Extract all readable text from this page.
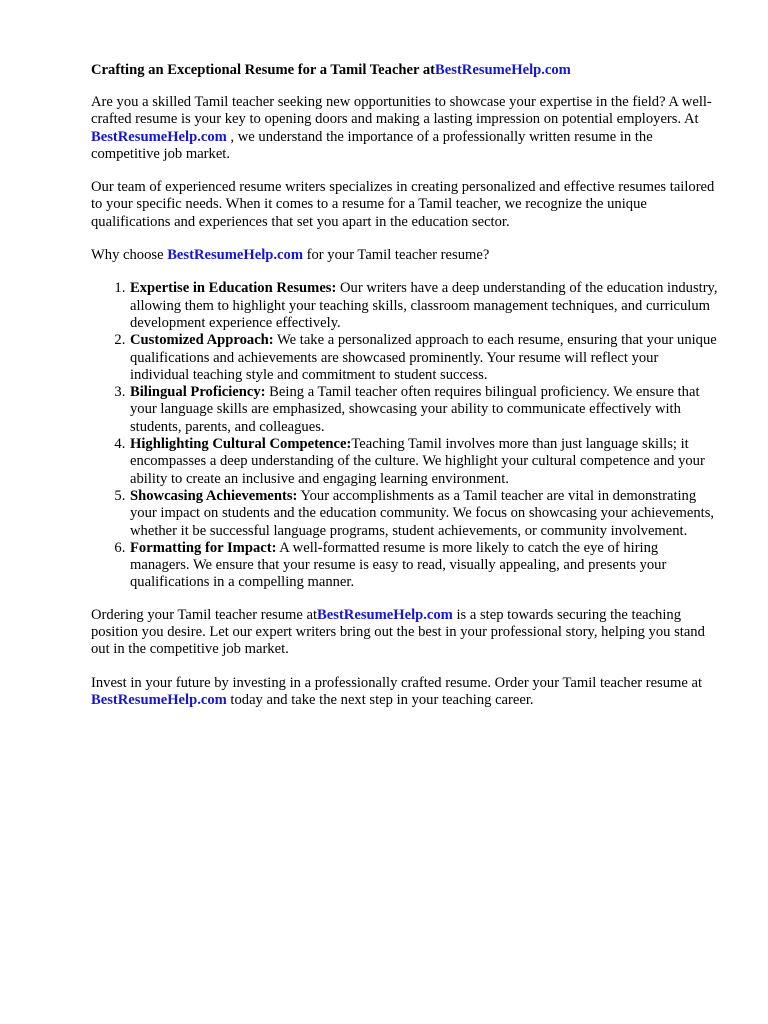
Crafting an Exceptional Resume for a Tamil Teacher atBestResumeHelp.com

Are you a skilled Tamil teacher seeking new opportunities to showcase your expertise in the field? A well-crafted resume is your key to opening doors and making a lasting impression on potential employers. At BestResumeHelp.com , we understand the importance of a professionally written resume in the competitive job market.

Our team of experienced resume writers specializes in creating personalized and effective resumes tailored to your specific needs. When it comes to a resume for a Tamil teacher, we recognize the unique qualifications and experiences that set you apart in the education sector.

Why choose BestResumeHelp.com for your Tamil teacher resume?

1. Expertise in Education Resumes: Our writers have a deep understanding of the education industry, allowing them to highlight your teaching skills, classroom management techniques, and curriculum development experience effectively.
2. Customized Approach: We take a personalized approach to each resume, ensuring that your unique qualifications and achievements are showcased prominently. Your resume will reflect your individual teaching style and commitment to student success.
3. Bilingual Proficiency: Being a Tamil teacher often requires bilingual proficiency. We ensure that your language skills are emphasized, showcasing your ability to communicate effectively with students, parents, and colleagues.
4. Highlighting Cultural Competence:Teaching Tamil involves more than just language skills; it encompasses a deep understanding of the culture. We highlight your cultural competence and your ability to create an inclusive and engaging learning environment.
5. Showcasing Achievements: Your accomplishments as a Tamil teacher are vital in demonstrating your impact on students and the education community. We focus on showcasing your achievements, whether it be successful language programs, student achievements, or community involvement.
6. Formatting for Impact: A well-formatted resume is more likely to catch the eye of hiring managers. We ensure that your resume is easy to read, visually appealing, and presents your qualifications in a compelling manner.

Ordering your Tamil teacher resume atBestResumeHelp.com is a step towards securing the teaching position you desire. Let our expert writers bring out the best in your professional story, helping you stand out in the competitive job market.

Invest in your future by investing in a professionally crafted resume. Order your Tamil teacher resume at BestResumeHelp.com today and take the next step in your teaching career.
